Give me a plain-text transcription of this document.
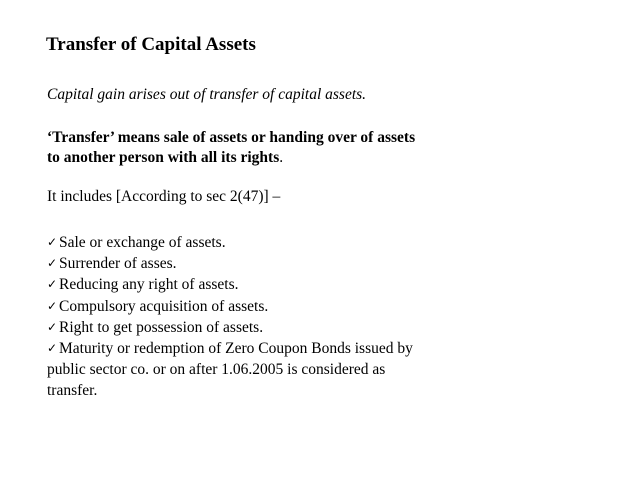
Transfer of Capital Assets
Capital gain arises out of transfer of capital assets.
‘Transfer’ means sale of assets or handing over of assets
to another person with all its rights.
It includes [According to sec 2(47)] –
✓ Sale or exchange of assets.
✓ Surrender of asses.
✓ Reducing any right of assets.
✓ Compulsory acquisition of assets.
✓ Right to get possession of assets.
✓ Maturity or redemption of Zero Coupon Bonds issued by
public sector co. or on after 1.06.2005 is considered as
transfer.
